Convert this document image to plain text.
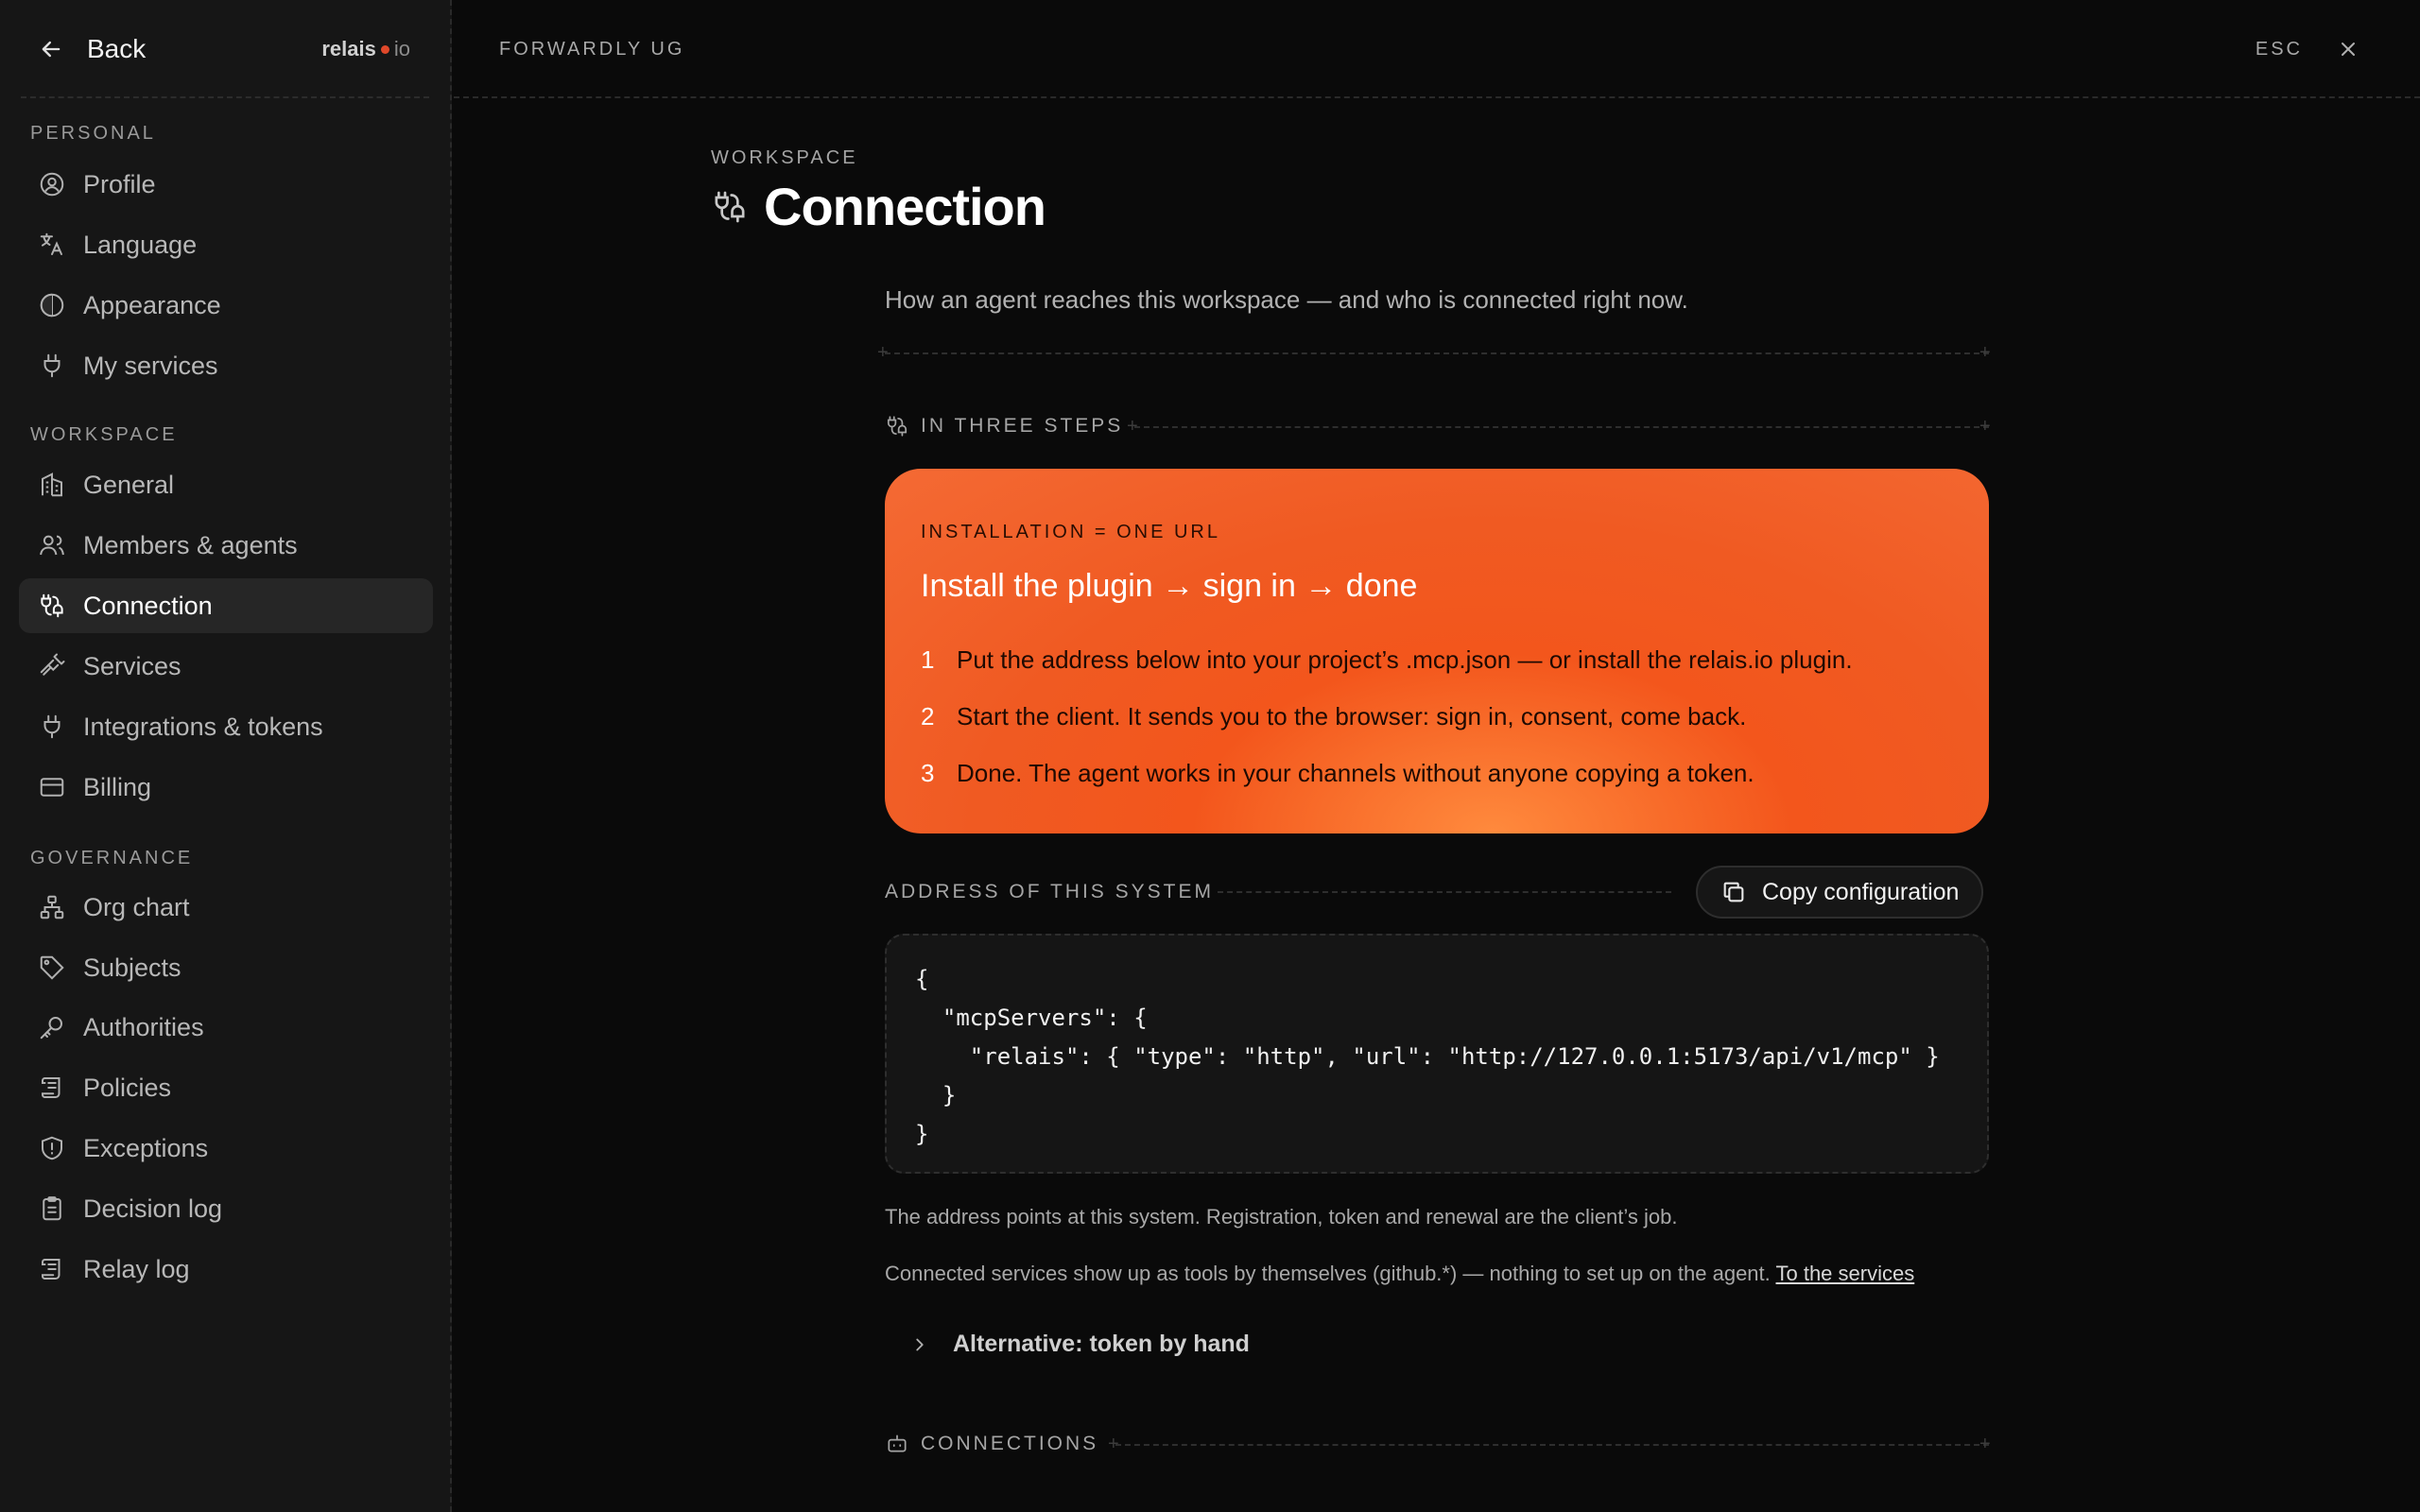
Back	relais io
PERSONAL
Profile
Language
Appearance
My services
WORKSPACE
General
Members & agents
Connection
Services
Integrations & tokens
Billing
GOVERNANCE
Org chart
Subjects
Authorities
Policies
Exceptions
Decision log
Relay log
FORWARDLY UG	ESC
WORKSPACE
Connection

How an agent reaches this workspace — and who is connected right now.

+	+
IN THREE STEPS +	+
INSTALLATION = ONE URL
Install the plugin → sign in → done
1 Put the address below into your project’s .mcp.json — or install the relais.io plugin.
2 Start the client. It sends you to the browser: sign in, consent, come back.
3 Done. The agent works in your channels without anyone copying a token.
ADDRESS OF THIS SYSTEM	Copy configuration
{
"mcpServers": {
"relais": { "type": "http", "url": "http://127.0.0.1:5173/api/v1/mcp" }
}
}

The address points at this system. Registration, token and renewal are the client’s job.

Connected services show up as tools by themselves (github.*) — nothing to set up on the agent. To the services

Alternative: token by hand
CONNECTIONS +	+
